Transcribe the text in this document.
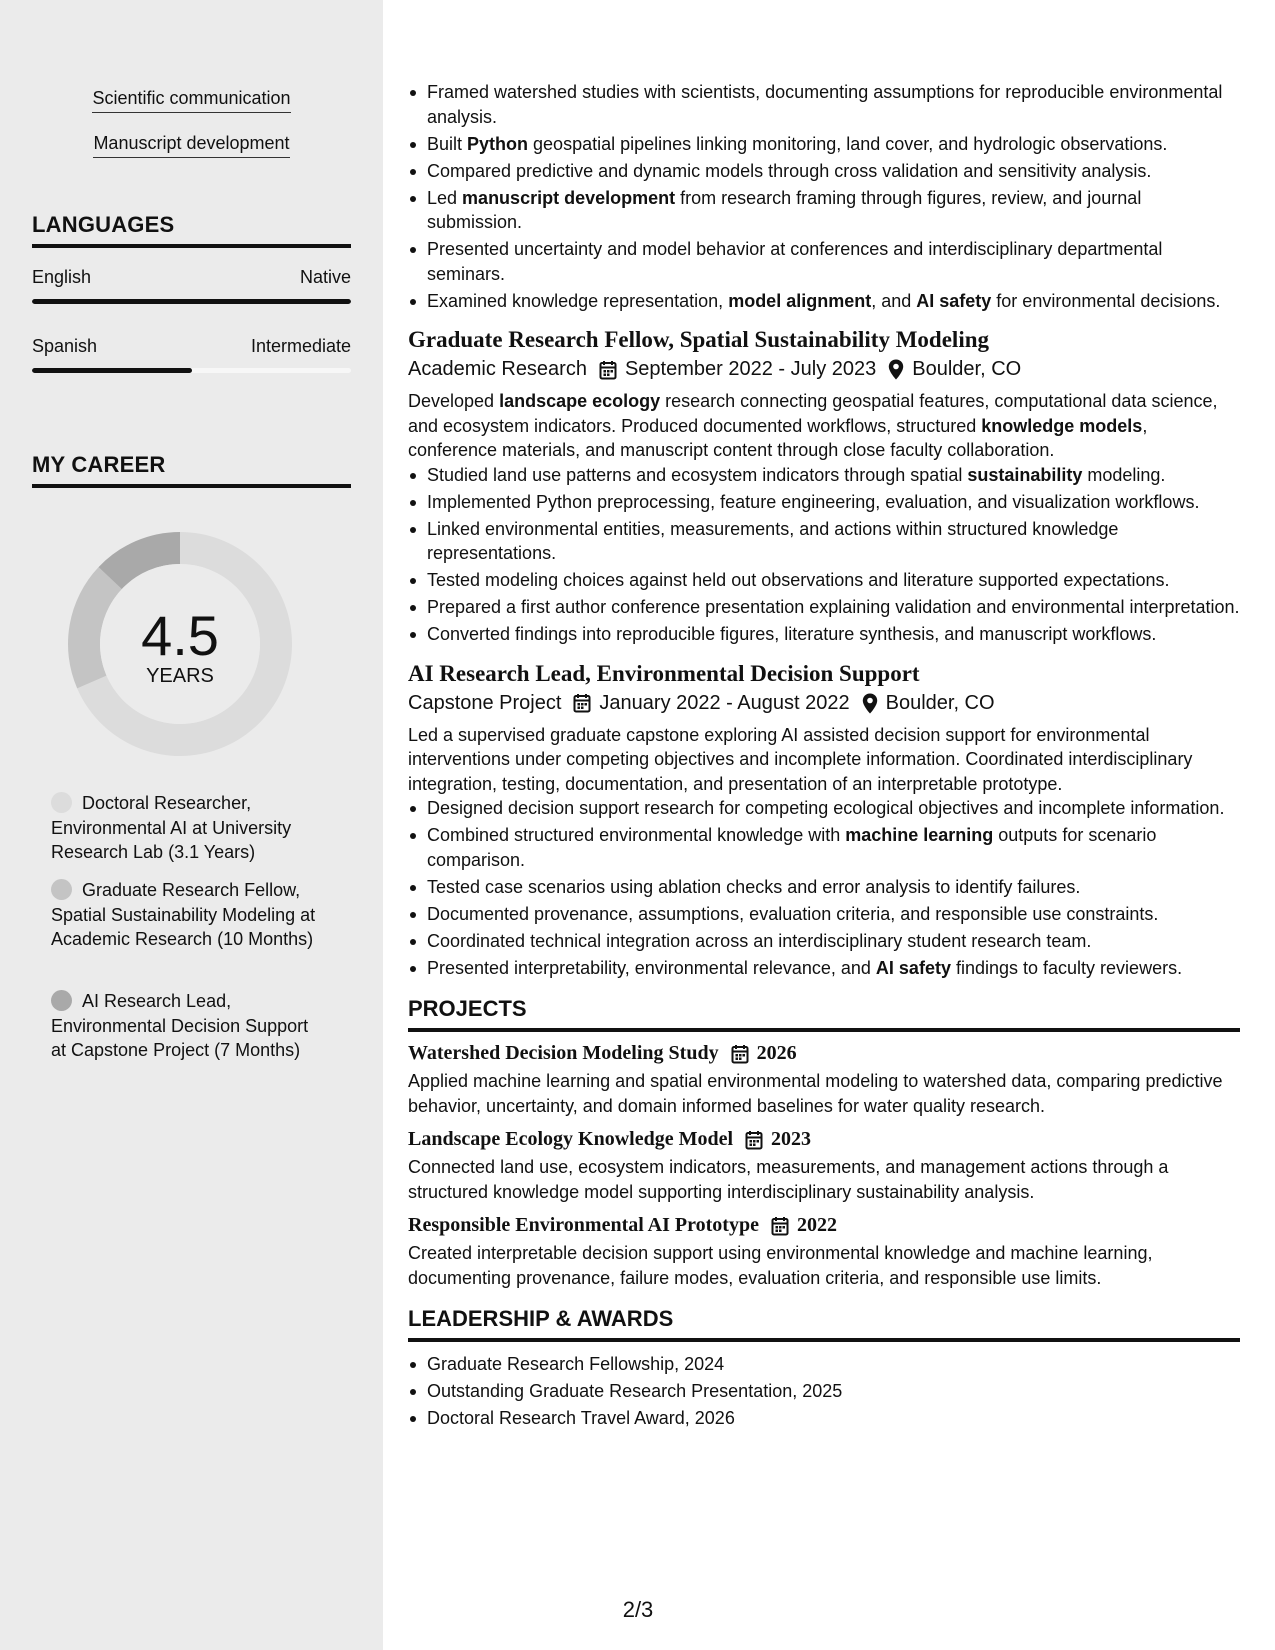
Scientific communication
Manuscript development
LANGUAGES
English	Native
Spanish	Intermediate
MY CAREER
4.5
YEARS
Doctoral Researcher, Environmental AI at University Research Lab (3.1 Years)
Graduate Research Fellow, Spatial Sustainability Modeling at Academic Research (10 Months)
AI Research Lead, Environmental Decision Support at Capstone Project (7 Months)
Framed watershed studies with scientists, documenting assumptions for reproducible environmental analysis.
Built Python geospatial pipelines linking monitoring, land cover, and hydrologic observations.
Compared predictive and dynamic models through cross validation and sensitivity analysis.
Led manuscript development from research framing through figures, review, and journal submission.
Presented uncertainty and model behavior at conferences and interdisciplinary departmental seminars.
Examined knowledge representation, model alignment, and AI safety for environmental decisions.
Graduate Research Fellow, Spatial Sustainability Modeling
Academic Research September 2022 - July 2023 Boulder, CO

Developed landscape ecology research connecting geospatial features, computational data science, and ecosystem indicators. Produced documented workflows, structured knowledge models, conference materials, and manuscript content through close faculty collaboration.

Studied land use patterns and ecosystem indicators through spatial sustainability modeling.
Implemented Python preprocessing, feature engineering, evaluation, and visualization workflows.
Linked environmental entities, measurements, and actions within structured knowledge representations.
Tested modeling choices against held out observations and literature supported expectations.
Prepared a first author conference presentation explaining validation and environmental interpretation.
Converted findings into reproducible figures, literature synthesis, and manuscript workflows.
AI Research Lead, Environmental Decision Support
Capstone Project January 2022 - August 2022 Boulder, CO

Led a supervised graduate capstone exploring AI assisted decision support for environmental interventions under competing objectives and incomplete information. Coordinated interdisciplinary integration, testing, documentation, and presentation of an interpretable prototype.

Designed decision support research for competing ecological objectives and incomplete information.
Combined structured environmental knowledge with machine learning outputs for scenario comparison.
Tested case scenarios using ablation checks and error analysis to identify failures.
Documented provenance, assumptions, evaluation criteria, and responsible use constraints.
Coordinated technical integration across an interdisciplinary student research team.
Presented interpretability, environmental relevance, and AI safety findings to faculty reviewers.
PROJECTS
Watershed Decision Modeling Study 2026

Applied machine learning and spatial environmental modeling to watershed data, comparing predictive behavior, uncertainty, and domain informed baselines for water quality research.

Landscape Ecology Knowledge Model 2023

Connected land use, ecosystem indicators, measurements, and management actions through a structured knowledge model supporting interdisciplinary sustainability analysis.

Responsible Environmental AI Prototype 2022

Created interpretable decision support using environmental knowledge and machine learning, documenting provenance, failure modes, evaluation criteria, and responsible use limits.

LEADERSHIP & AWARDS
Graduate Research Fellowship, 2024
Outstanding Graduate Research Presentation, 2025
Doctoral Research Travel Award, 2026
2/3
